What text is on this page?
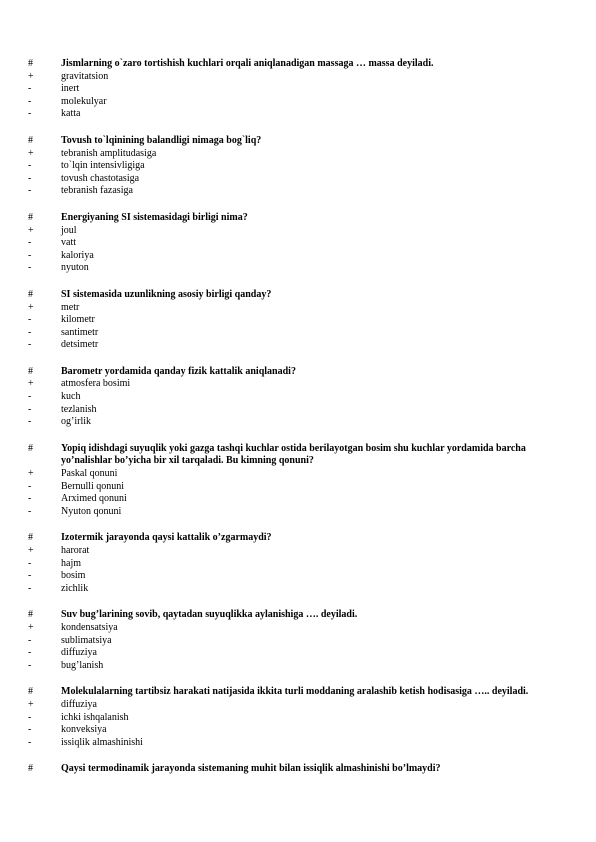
#	Jismlarning o`zaro tortishish kuchlari orqali aniqlanadigan massaga … massa deyiladi.
+	gravitatsion
-	inert
-	molekulyar
-	katta
#	Tovush to`lqinining balandligi nimaga bog`liq?
+	tebranish amplitudasiga
-	to`lqin intensivligiga
-	tovush chastotasiga
-	tebranish fazasiga
#	Energiyaning SI sistemasidagi birligi nima?
+	joul
-	vatt
-	kaloriya
-	nyuton
#	SI sistemasida uzunlikning asosiy birligi qanday?
+	metr
-	kilometr
-	santimetr
-	detsimetr
#	Barometr yordamida qanday fizik kattalik aniqlanadi?
+	atmosfera bosimi
-	kuch
-	tezlanish
-	og’irlik
#	Yopiq idishdagi suyuqlik yoki gazga tashqi kuchlar ostida berilayotgan bosim shu kuchlar yordamida barcha yo’nalishlar bo’yicha bir xil tarqaladi. Bu kimning qonuni?
+	Paskal qonuni
-	Bernulli qonuni
-	Arximed qonuni
-	Nyuton qonuni
#	Izotermik jarayonda qaysi kattalik o’zgarmaydi?
+	harorat
-	hajm
-	bosim
-	zichlik
#	Suv bug’larining sovib, qaytadan suyuqlikka aylanishiga …. deyiladi.
+	kondensatsiya
-	sublimatsiya
-	diffuziya
-	bug’lanish
#	Molekulalarning tartibsiz harakati natijasida ikkita turli moddaning aralashib ketish hodisasiga ….. deyiladi.
+	diffuziya
-	ichki ishqalanish
-	konveksiya
-	issiqlik almashinishi
#	Qaysi termodinamik jarayonda sistemaning muhit bilan issiqlik almashinishi bo’lmaydi?
